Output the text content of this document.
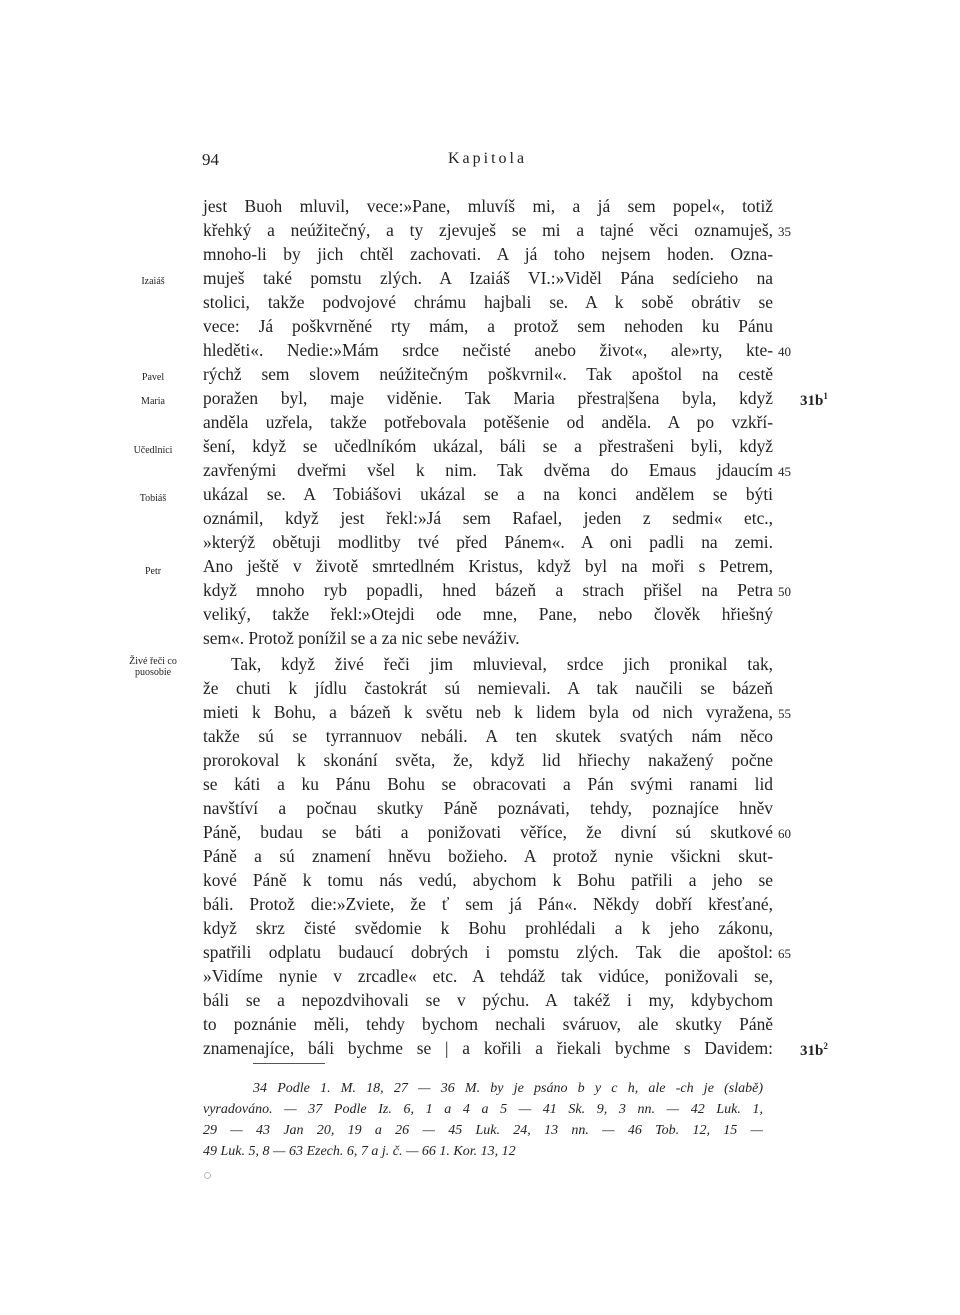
94	Kapitola
jest Buoh mluvil, vece:»Pane, mluvíš mi, a já sem popel«, totiž
křehký a neúžitečný, a ty zjevuješ se mi a tajné věci oznamuješ,
mnoho-li by jich chtěl zachovati. A já toho nejsem hoden. Ozna-
muješ také pomstu zlých. A Izaiáš VI.:»Viděl Pána sedícieho na
stolici, takže podvojové chrámu hajbali se. A k sobě obrátiv se
vece: Já poškvrněné rty mám, a protož sem nehoden ku Pánu
hleděti«. Nedie:»Mám srdce nečisté anebo život«, ale»rty, kte-
rýchž sem slovem neúžitečným poškvrnil«. Tak apoštol na cestě
poražen byl, maje viděnie. Tak Maria přestra|šena byla, když
anděla uzřela, takže potřebovala potěšenie od anděla. A po vzkří-
šení, když se učedlníkóm ukázal, báli se a přestrašeni byli, když
zavřenými dveřmi všel k nim. Tak dvěma do Emaus jdaucím
ukázal se. A Tobiášovi ukázal se a na konci andělem se býti
oznámil, když jest řekl:»Já sem Rafael, jeden z sedmi« etc.,
»kterýž obětuji modlitby tvé před Pánem«. A oni padli na zemi.
Ano ještě v životě smrtedlném Kristus, když byl na moři s Petrem,
když mnoho ryb popadli, hned bázeň a strach přišel na Petra
veliký, takže řekl:»Otejdi ode mne, Pane, nebo člověk hřiešný
sem«. Protož ponížil se a za nic sebe neváživ.
Tak, když živé řeči jim mluvieval, srdce jich pronikal tak,
že chuti k jídlu častokrát sú nemievali. A tak naučili se bázeň
mieti k Bohu, a bázeň k světu neb k lidem byla od nich vyražena,
takže sú se tyrrannuov nebáli. A ten skutek svatých nám něco
prorokoval k skonání světa, že, když lid hřiechy nakažený počne
se káti a ku Pánu Bohu se obracovati a Pán svými ranami lid
navštíví a počnau skutky Páně poznávati, tehdy, poznajíce hněv
Páně, budau se báti a ponižovati věříce, že divní sú skutkové
Páně a sú znamení hněvu božieho. A protož nynie všickni skut-
kové Páně k tomu nás vedú, abychom k Bohu patřili a jeho se
báli. Protož die:»Zviete, že ť sem já Pán«. Někdy dobří křesťané,
když skrz čisté svědomie k Bohu prohlédali a k jeho zákonu,
spatřili odplatu budaucí dobrých i pomstu zlých. Tak die apoštol:
»Vidíme nynie v zrcadle« etc. A tehdáž tak vidúce, ponižovali se,
báli se a nepozdvihovali se v pýchu. A takéž i my, kdybychom
to poznánie měli, tehdy bychom nechali sváruov, ale skutky Páně
znamenajíce, báli bychme se | a kořili a řiekali bychme s Davidem:
Izaiáš
Pavel
Maria
Učedlníci
Tobiáš
Petr
Živé řeči co puosobie
35
40
45
50
55
60
65
$31b^1$
$31b^2$
34 Podle 1. M. 18, 27 — 36 M. by je psáno b y c h, ale -ch je (slabě)
vyradováno. — 37 Podle Iz. 6, 1 a 4 a 5 — 41 Sk. 9, 3 nn. — 42 Luk. 1,
29 — 43 Jan 20, 19 a 26 — 45 Luk. 24, 13 nn. — 46 Tob. 12, 15 —
49 Luk. 5, 8 — 63 Ezech. 6, 7 a j. č. — 66 1. Kor. 13, 12
